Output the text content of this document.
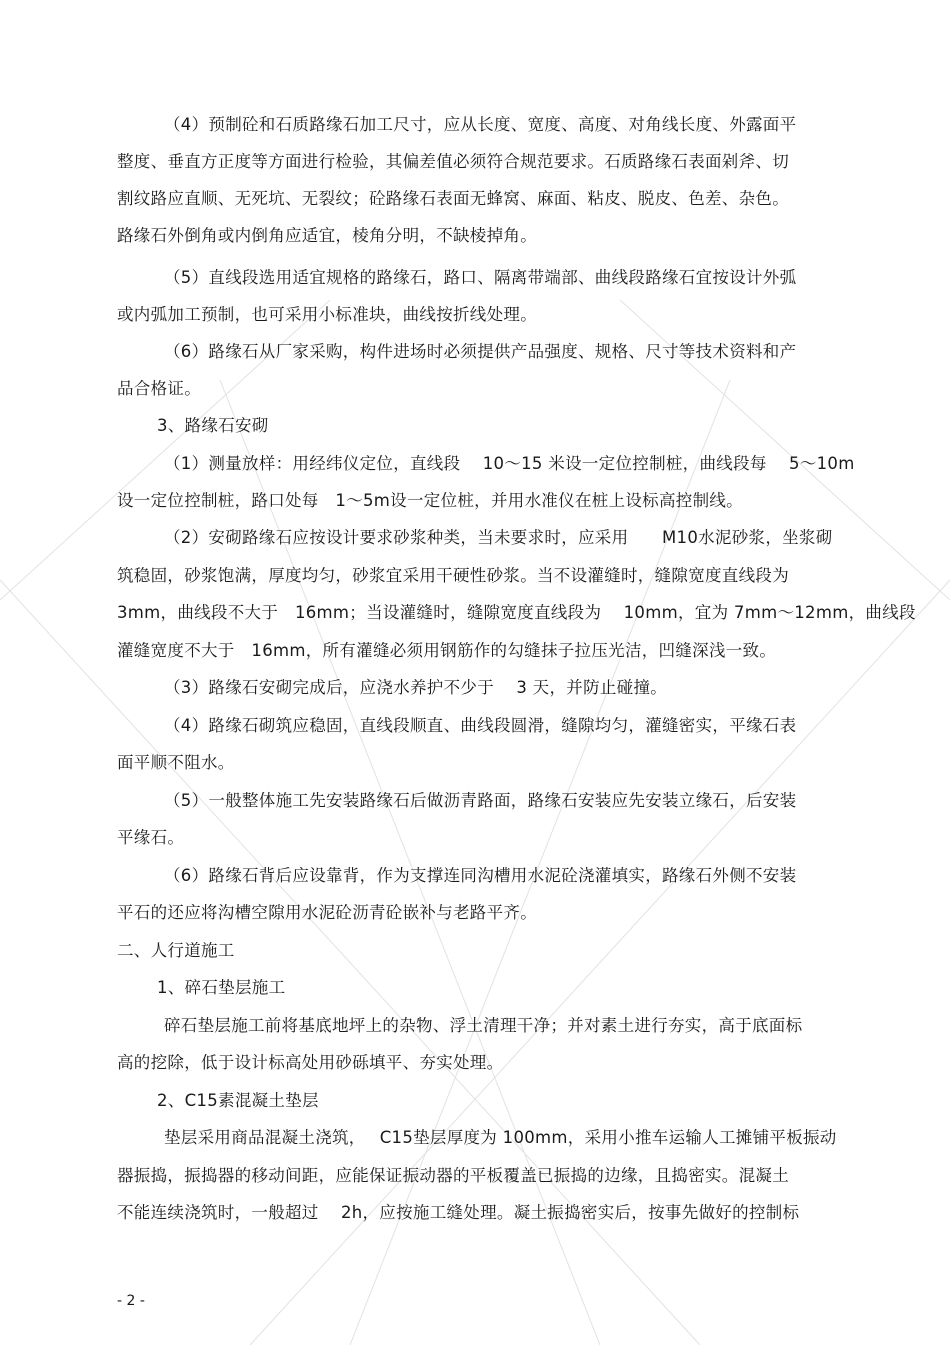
（4）预制砼和石质路缘石加工尺寸，应从长度、宽度、高度、对角线长度、外露面平
整度、垂直方正度等方面进行检验，其偏差值必须符合规范要求。石质路缘石表面剁斧、切
割纹路应直顺、无死坑、无裂纹；砼路缘石表面无蜂窝、麻面、粘皮、脱皮、色差、杂色。
路缘石外倒角或内倒角应适宜，棱角分明，不缺棱掉角。
（5）直线段选用适宜规格的路缘石，路口、隔离带端部、曲线段路缘石宜按设计外弧
或内弧加工预制，也可采用小标准块，曲线按折线处理。
（6）路缘石从厂家采购，构件进场时必须提供产品强度、规格、尺寸等技术资料和产
品合格证。
3、路缘石安砌
（1）测量放样：用经纬仪定位，直线段　 10～15 米设一定位控制桩，曲线段每　 5～10m
设一定位控制桩，路口处每　1～5m设一定位桩，并用水准仪在桩上设标高控制线。
（2）安砌路缘石应按设计要求砂浆种类，当未要求时，应采用　　M10水泥砂浆，坐浆砌
筑稳固，砂浆饱满，厚度均匀，砂浆宜采用干硬性砂浆。当不设灌缝时，缝隙宽度直线段为
3mm，曲线段不大于　16mm；当设灌缝时，缝隙宽度直线段为　 10mm，宜为 7mm～12mm，曲线段
灌缝宽度不大于　16mm，所有灌缝必须用钢筋作的勾缝抹子拉压光洁，凹缝深浅一致。
（3）路缘石安砌完成后，应浇水养护不少于　 3 天，并防止碰撞。
（4）路缘石砌筑应稳固，直线段顺直、曲线段圆滑，缝隙均匀，灌缝密实，平缘石表
面平顺不阻水。
（5）一般整体施工先安装路缘石后做沥青路面，路缘石安装应先安装立缘石，后安装
平缘石。
（6）路缘石背后应设靠背，作为支撑连同沟槽用水泥砼浇灌填实，路缘石外侧不安装
平石的还应将沟槽空隙用水泥砼沥青砼嵌补与老路平齐。
二、人行道施工
1、碎石垫层施工
碎石垫层施工前将基底地坪上的杂物、浮土清理干净；并对素土进行夯实，高于底面标
高的挖除，低于设计标高处用砂砾填平、夯实处理。
2、C15素混凝土垫层
垫层采用商品混凝土浇筑，　 C15垫层厚度为 100mm，采用小推车运输人工摊铺平板振动
器振捣，振捣器的移动间距，应能保证振动器的平板覆盖已振捣的边缘，且捣密实。混凝土
不能连续浇筑时，一般超过　 2h，应按施工缝处理。凝土振捣密实后，按事先做好的控制标
- 2 -
